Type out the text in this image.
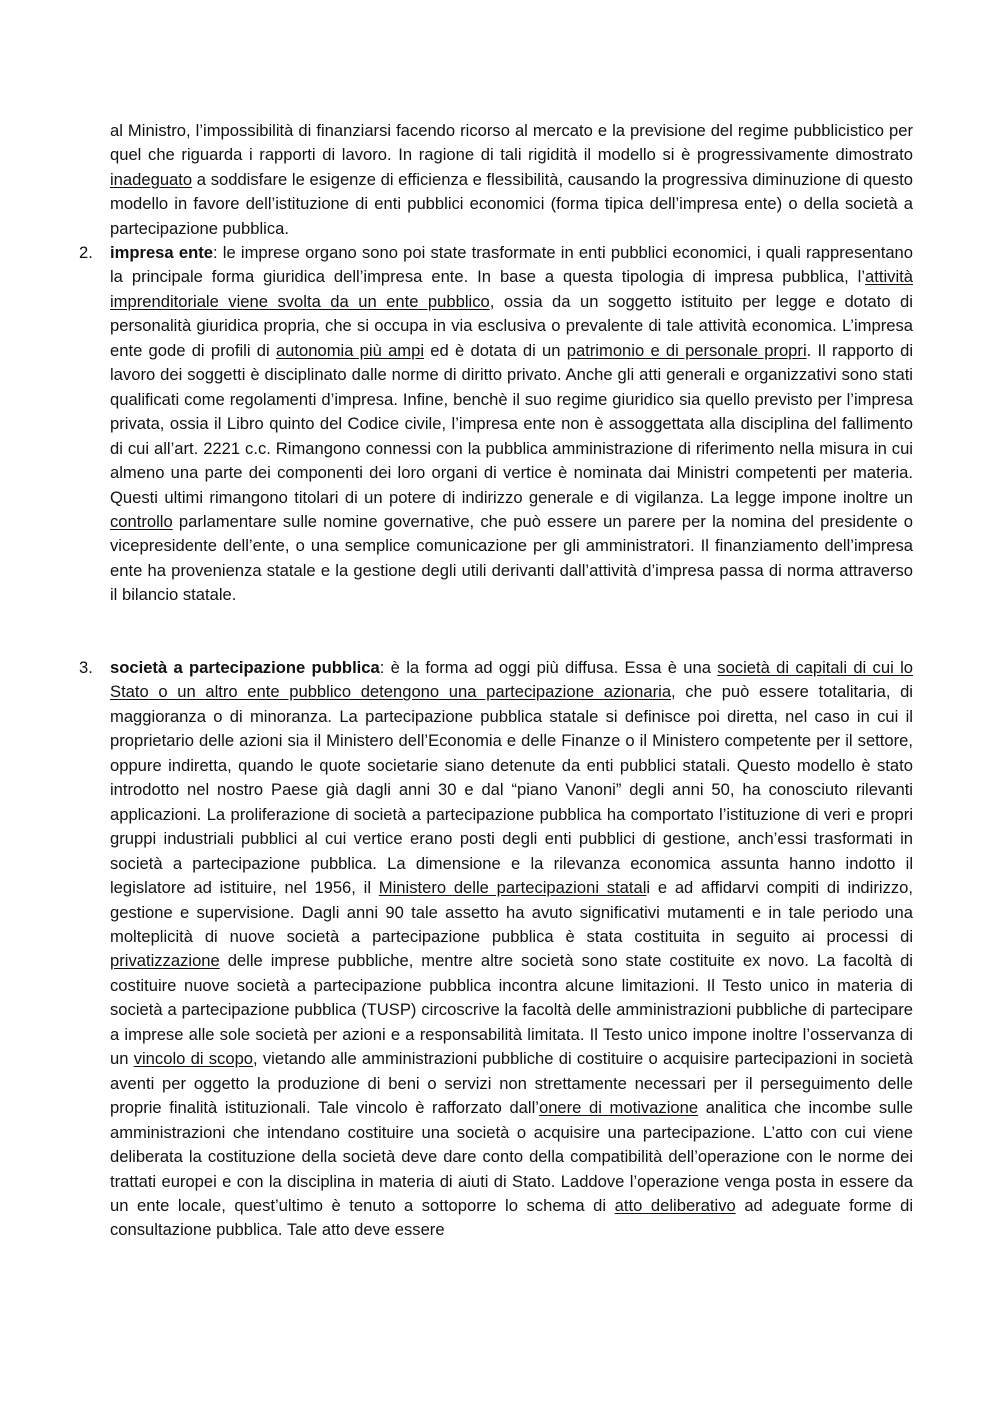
al Ministro, l’impossibilità di finanziarsi facendo ricorso al mercato e la previsione del regime pubblicistico per quel che riguarda i rapporti di lavoro. In ragione di tali rigidità il modello si è progressivamente dimostrato inadeguato a soddisfare le esigenze di efficienza e flessibilità, causando la progressiva diminuzione di questo modello in favore dell’istituzione di enti pubblici economici (forma tipica dell’impresa ente) o della società a partecipazione pubblica.

2.	impresa ente: le imprese organo sono poi state trasformate in enti pubblici economici, i quali rappresentano la principale forma giuridica dell’impresa ente. In base a questa tipologia di impresa pubblica, l’attività imprenditoriale viene svolta da un ente pubblico, ossia da un soggetto istituito per legge e dotato di personalità giuridica propria, che si occupa in via esclusiva o prevalente di tale attività economica. L’impresa ente gode di profili di autonomia più ampi ed è dotata di un patrimonio e di personale propri. Il rapporto di lavoro dei soggetti è disciplinato dalle norme di diritto privato. Anche gli atti generali e organizzativi sono stati qualificati come regolamenti d’impresa. Infine, benchè il suo regime giuridico sia quello previsto per l’impresa privata, ossia il Libro quinto del Codice civile, l’impresa ente non è assoggettata alla disciplina del fallimento di cui all’art. 2221 c.c. Rimangono connessi con la pubblica amministrazione di riferimento nella misura in cui almeno una parte dei componenti dei loro organi di vertice è nominata dai Ministri competenti per materia. Questi ultimi rimangono titolari di un potere di indirizzo generale e di vigilanza. La legge impone inoltre un controllo parlamentare sulle nomine governative, che può essere un parere per la nomina del presidente o vicepresidente dell’ente, o una semplice comunicazione per gli amministratori. Il finanziamento dell’impresa ente ha provenienza statale e la gestione degli utili derivanti dall’attività d’impresa passa di norma attraverso il bilancio statale.
3.	società a partecipazione pubblica: è la forma ad oggi più diffusa. Essa è una società di capitali di cui lo Stato o un altro ente pubblico detengono una partecipazione azionaria, che può essere totalitaria, di maggioranza o di minoranza. La partecipazione pubblica statale si definisce poi diretta, nel caso in cui il proprietario delle azioni sia il Ministero dell’Economia e delle Finanze o il Ministero competente per il settore, oppure indiretta, quando le quote societarie siano detenute da enti pubblici statali. Questo modello è stato introdotto nel nostro Paese già dagli anni 30 e dal “piano Vanoni” degli anni 50, ha conosciuto rilevanti applicazioni. La proliferazione di società a partecipazione pubblica ha comportato l’istituzione di veri e propri gruppi industriali pubblici al cui vertice erano posti degli enti pubblici di gestione, anch’essi trasformati in società a partecipazione pubblica. La dimensione e la rilevanza economica assunta hanno indotto il legislatore ad istituire, nel 1956, il Ministero delle partecipazioni statali e ad affidarvi compiti di indirizzo, gestione e supervisione. Dagli anni 90 tale assetto ha avuto significativi mutamenti e in tale periodo una molteplicità di nuove società a partecipazione pubblica è stata costituita in seguito ai processi di privatizzazione delle imprese pubbliche, mentre altre società sono state costituite ex novo. La facoltà di costituire nuove società a partecipazione pubblica incontra alcune limitazioni. Il Testo unico in materia di società a partecipazione pubblica (TUSP) circoscrive la facoltà delle amministrazioni pubbliche di partecipare a imprese alle sole società per azioni e a responsabilità limitata. Il Testo unico impone inoltre l’osservanza di un vincolo di scopo, vietando alle amministrazioni pubbliche di costituire o acquisire partecipazioni in società aventi per oggetto la produzione di beni o servizi non strettamente necessari per il perseguimento delle proprie finalità istituzionali. Tale vincolo è rafforzato dall’onere di motivazione analitica che incombe sulle amministrazioni che intendano costituire una società o acquisire una partecipazione. L’atto con cui viene deliberata la costituzione della società deve dare conto della compatibilità dell’operazione con le norme dei trattati europei e con la disciplina in materia di aiuti di Stato. Laddove l’operazione venga posta in essere da un ente locale, quest’ultimo è tenuto a sottoporre lo schema di atto deliberativo ad adeguate forme di consultazione pubblica. Tale atto deve essere
